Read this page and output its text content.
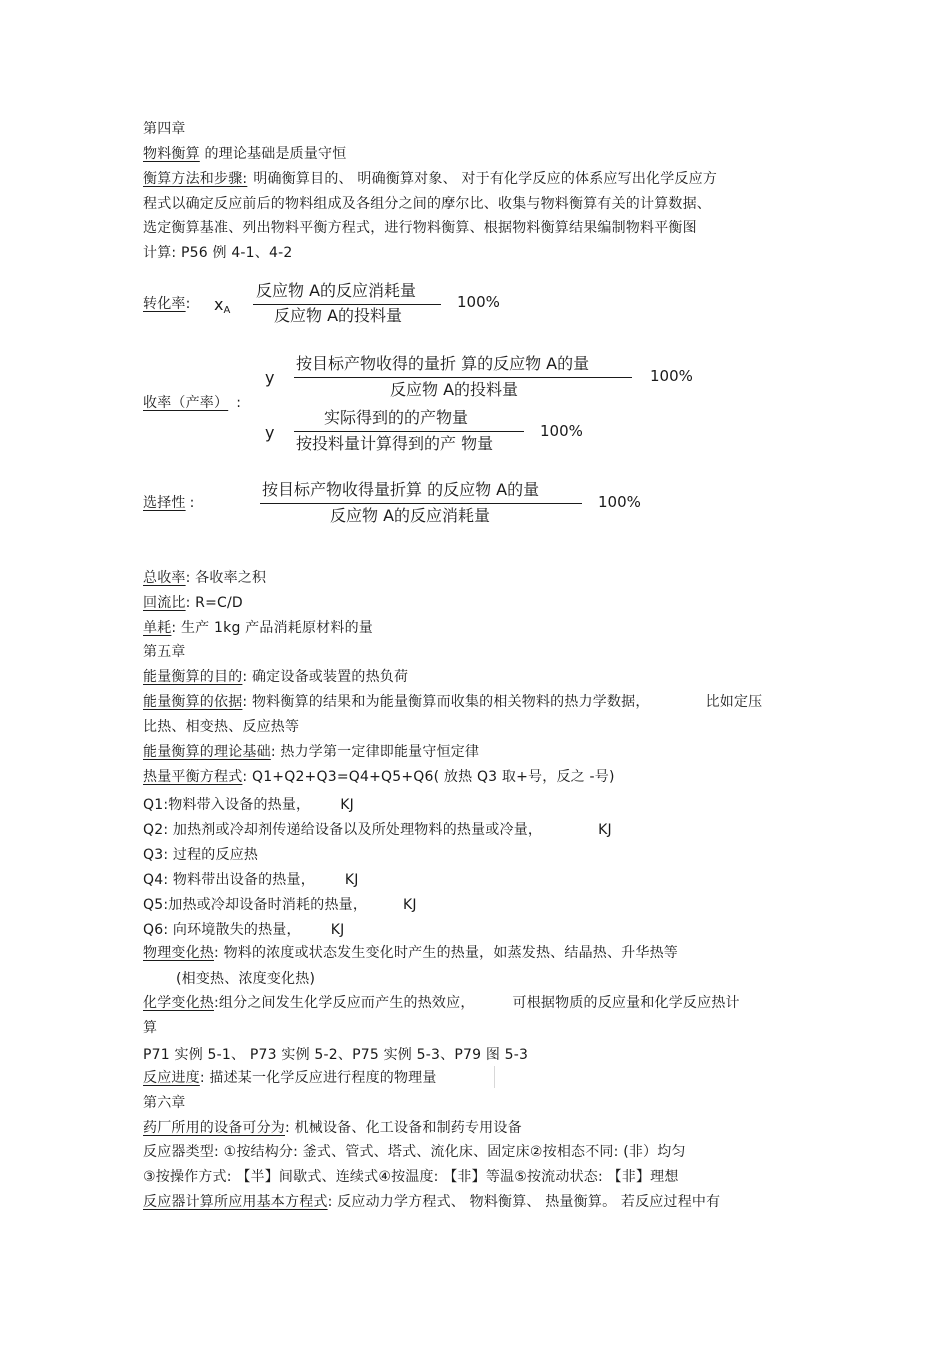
第四章
物料衡算 的理论基础是质量守恒
衡算方法和步骤: 明确衡算目的、 明确衡算对象、 对于有化学反应的体系应写出化学反应方
程式以确定反应前后的物料组成及各组分之间的摩尔比、收集与物料衡算有关的计算数据、
选定衡算基准、列出物料平衡方程式，进行物料衡算、根据物料衡算结果编制物料平衡图
计算: P56 例 4-1、4-2
转化率: $x_A$
反应物 A的反应消耗量
反应物 A的投料量
100%
y
按目标产物收得的量折 算的反应物 A的量
反应物 A的投料量
100%
收率（产率） :
y
实际得到的的产物量
按投料量计算得到的产 物量
100%
选择性 :
按目标产物收得量折算 的反应物 A的量
反应物 A的反应消耗量
100%
总收率: 各收率之积
回流比: R=C/D
单耗: 生产 1kg 产品消耗原材料的量
第五章
能量衡算的目的: 确定设备或装置的热负荷
能量衡算的依据: 物料衡算的结果和为能量衡算而收集的相关物料的热力学数据，	比如定压
比热、相变热、反应热等
能量衡算的理论基础: 热力学第一定律即能量守恒定律
热量平衡方程式: Q1+Q2+Q3=Q4+Q5+Q6( 放热 Q3 取+号，反之 -号)
Q1:物料带入设备的热量， KJ
Q2: 加热剂或冷却剂传递给设备以及所处理物料的热量或冷量，	KJ
Q3: 过程的反应热
Q4: 物料带出设备的热量， KJ
Q5:加热或冷却设备时消耗的热量，	KJ
Q6: 向环境散失的热量， KJ
物理变化热: 物料的浓度或状态发生变化时产生的热量，如蒸发热、结晶热、升华热等
(相变热、浓度变化热)
化学变化热:组分之间发生化学反应而产生的热效应，	可根据物质的反应量和化学反应热计
算
P71 实例 5-1、 P73 实例 5-2、P75 实例 5-3、P79 图 5-3
反应进度: 描述某一化学反应进行程度的物理量
第六章
药厂所用的设备可分为: 机械设备、化工设备和制药专用设备
反应器类型: ①按结构分: 釜式、管式、塔式、流化床、固定床②按相态不同: (非）均匀
③按操作方式: 【半】间歇式、连续式④按温度: 【非】等温⑤按流动状态: 【非】理想
反应器计算所应用基本方程式: 反应动力学方程式、 物料衡算、 热量衡算。 若反应过程中有
